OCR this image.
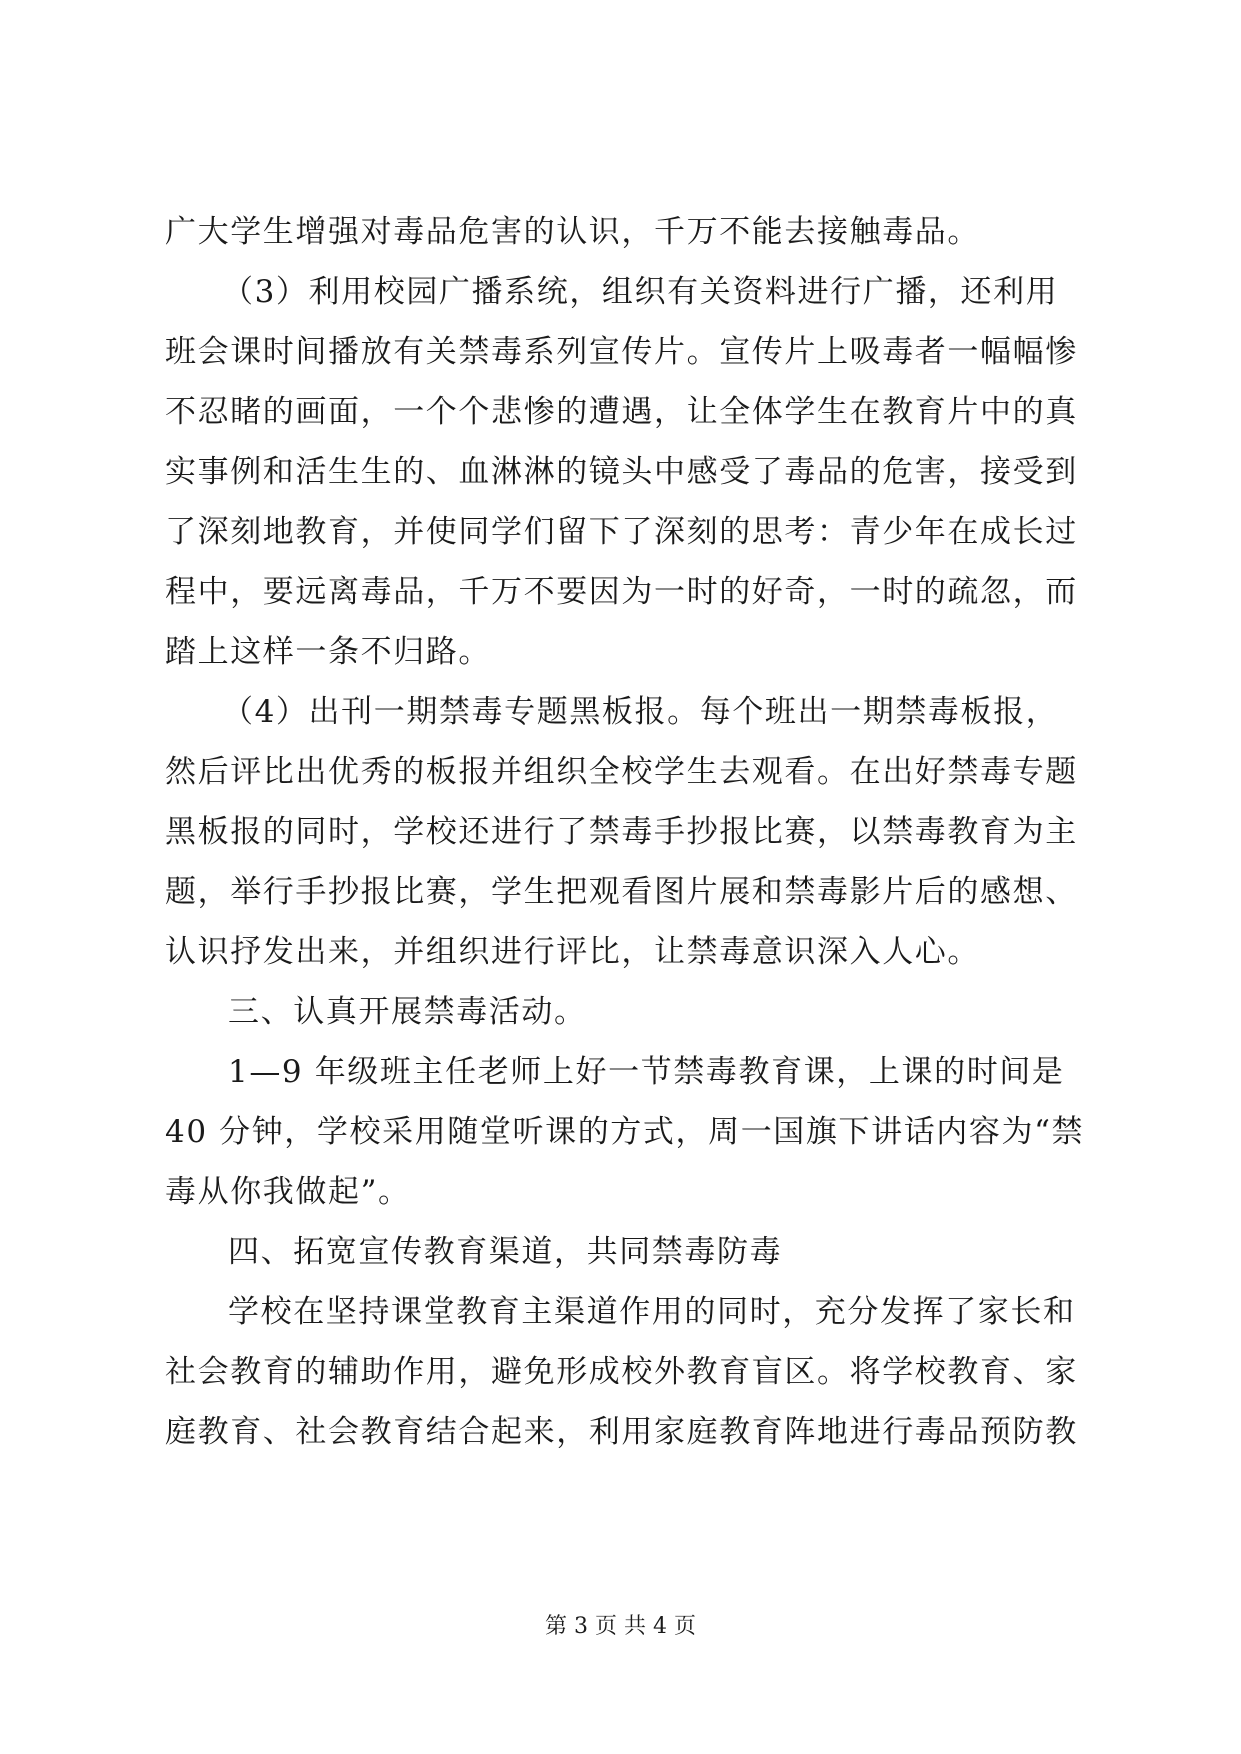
广大学生增强对毒品危害的认识，千万不能去接触毒品。
（3）利用校园广播系统，组织有关资料进行广播，还利用
班会课时间播放有关禁毒系列宣传片。宣传片上吸毒者一幅幅惨
不忍睹的画面，一个个悲惨的遭遇，让全体学生在教育片中的真
实事例和活生生的、血淋淋的镜头中感受了毒品的危害，接受到
了深刻地教育，并使同学们留下了深刻的思考：青少年在成长过
程中，要远离毒品，千万不要因为一时的好奇，一时的疏忽，而
踏上这样一条不归路。
（4）出刊一期禁毒专题黑板报。每个班出一期禁毒板报，
然后评比出优秀的板报并组织全校学生去观看。在出好禁毒专题
黑板报的同时，学校还进行了禁毒手抄报比赛，以禁毒教育为主
题，举行手抄报比赛，学生把观看图片展和禁毒影片后的感想、
认识抒发出来，并组织进行评比，让禁毒意识深入人心。
三、认真开展禁毒活动。
1—9 年级班主任老师上好一节禁毒教育课，上课的时间是
40 分钟，学校采用随堂听课的方式，周一国旗下讲话内容为“禁
毒从你我做起”。
四、拓宽宣传教育渠道，共同禁毒防毒
学校在坚持课堂教育主渠道作用的同时，充分发挥了家长和
社会教育的辅助作用，避免形成校外教育盲区。将学校教育、家
庭教育、社会教育结合起来，利用家庭教育阵地进行毒品预防教
第 3 页 共 4 页
